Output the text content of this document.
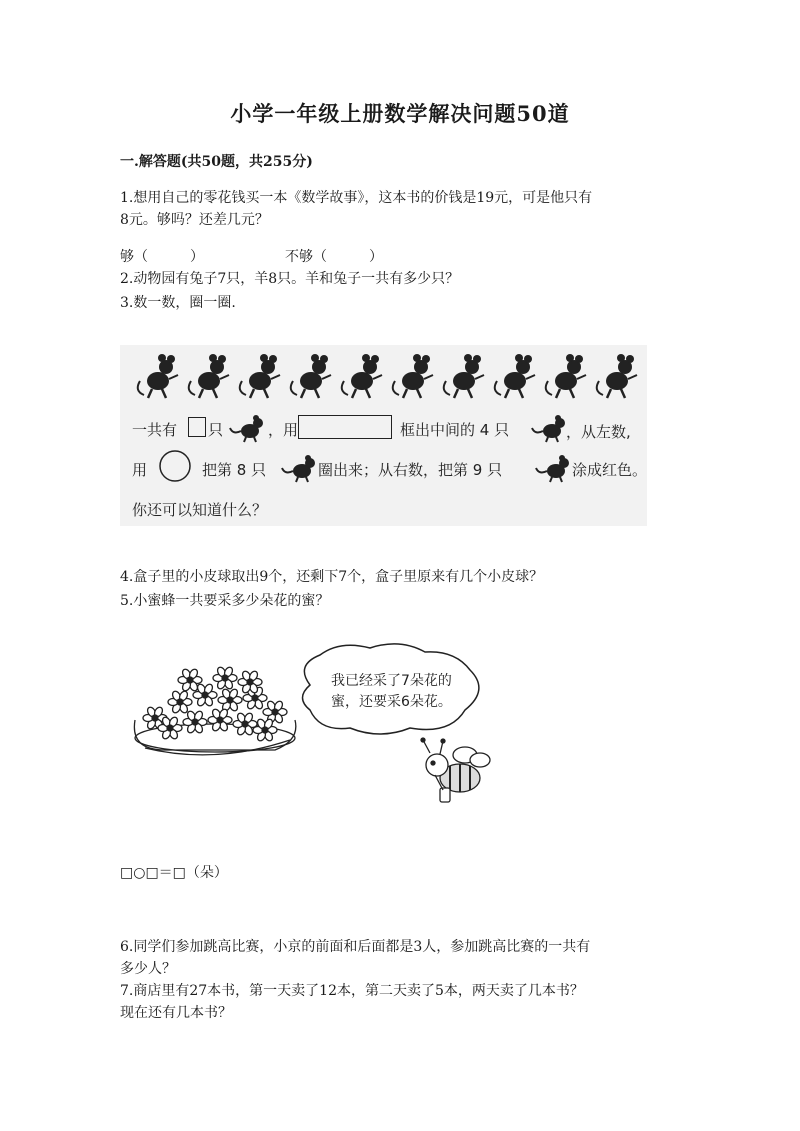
小学一年级上册数学解决问题50道
一.解答题(共50题，共255分)
1.想用自己的零花钱买一本《数学故事》，这本书的价钱是19元，可是他只有
8元。够吗？还差几元？
够（　　　）	不够（　　　）
2.动物园有兔子7只，羊8只。羊和兔子一共有多少只？
3.数一数，圈一圈.
一共有 只	，用	框出中间的 4 只	，从左数,
用	把第 8 只	圈出来；从右数，把第 9 只	涂成红色。
你还可以知道什么？
4.盒子里的小皮球取出9个，还剩下7个，盒子里原来有几个小皮球？
5.小蜜蜂一共要采多少朵花的蜜？
我已经采了7朵花的
蜜，还要采6朵花。
□○□＝□（朵）
6.同学们参加跳高比赛，小京的前面和后面都是3人，参加跳高比赛的一共有
多少人？
7.商店里有27本书，第一天卖了12本，第二天卖了5本，两天卖了几本书？
现在还有几本书？
